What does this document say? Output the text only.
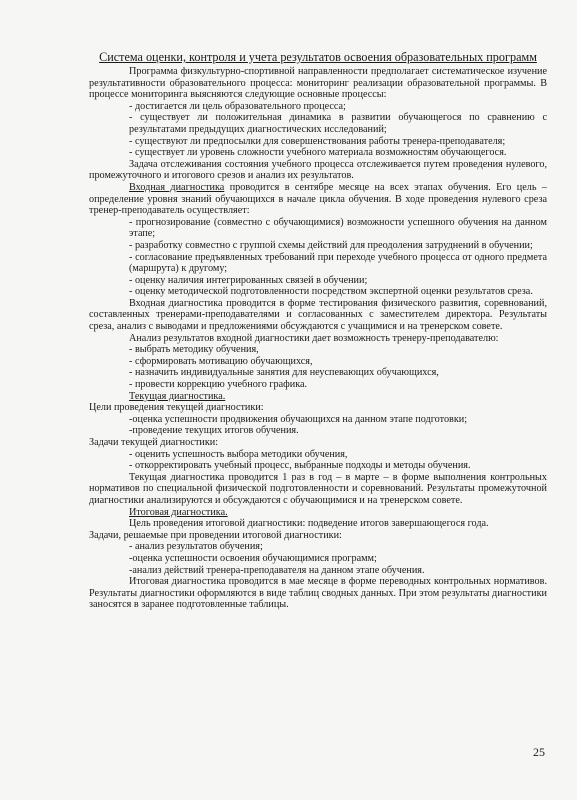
Система оценки, контроля и учета результатов освоения образовательных программ

Программа физкультурно-спортивной направленности предполагает систематическое изучение результативности образовательного процесса: мониторинг реализации образовательной программы. В процессе мониторинга выясняются следующие основные процессы:

- достигается ли цель образовательного процесса;

- существует ли положительная динамика в развитии обучающегося по сравнению с результатами предыдущих диагностических исследований;

- существуют ли предпосылки для совершенствования работы тренера-преподавателя;

- существует ли уровень сложности учебного материала возможностям обучающегося.

Задача отслеживания состояния учебного процесса отслеживается путем проведения нулевого, промежуточного и итогового срезов и анализ их результатов.

Входная диагностика проводится в сентябре месяце на всех этапах обучения. Его цель – определение уровня знаний обучающихся в начале цикла обучения. В ходе проведения нулевого среза тренер-преподаватель осуществляет:

- прогнозирование (совместно с обучающимися) возможности успешного обучения на данном этапе;

- разработку совместно с группой схемы действий для преодоления затруднений в обучении;

- согласование предъявленных требований при переходе учебного процесса от одного предмета (маршрута) к другому;

- оценку наличия интегрированных связей в обучении;

- оценку методической подготовленности посредством экспертной оценки результатов среза.

Входная диагностика проводится в форме тестирования физического развития, соревнований, составленных тренерами-преподавателями и согласованных с заместителем директора. Результаты среза, анализ с выводами и предложениями обсуждаются с учащимися и на тренерском совете.

Анализ результатов входной диагностики дает возможность тренеру-преподавателю:

- выбрать методику обучения,

- сформировать мотивацию обучающихся,

- назначить индивидуальные занятия для неуспевающих обучающихся,

- провести коррекцию учебного графика.

Текущая диагностика.

Цели проведения текущей диагностики:

-оценка успешности продвижения обучающихся на данном этапе подготовки;

-проведение текущих итогов обучения.

Задачи текущей диагностики:

- оценить успешность выбора методики обучения,

- откорректировать учебный процесс, выбранные подходы и методы обучения.

Текущая диагностика проводится 1 раз в год – в марте – в форме выполнения контрольных нормативов по специальной физической подготовленности и соревнований. Результаты промежуточной диагностики анализируются и обсуждаются с обучающимися и на тренерском совете.

Итоговая диагностика.

Цель проведения итоговой диагностики: подведение итогов завершающегося года.

Задачи, решаемые при проведении итоговой диагностики:

- анализ результатов обучения;

-оценка успешности освоения обучающимися программ;

-анализ действий тренера-преподавателя на данном этапе обучения.

Итоговая диагностика проводится в мае месяце в форме переводных контрольных нормативов. Результаты диагностики оформляются в виде таблиц сводных данных. При этом результаты диагностики заносятся в заранее подготовленные таблицы.

25
